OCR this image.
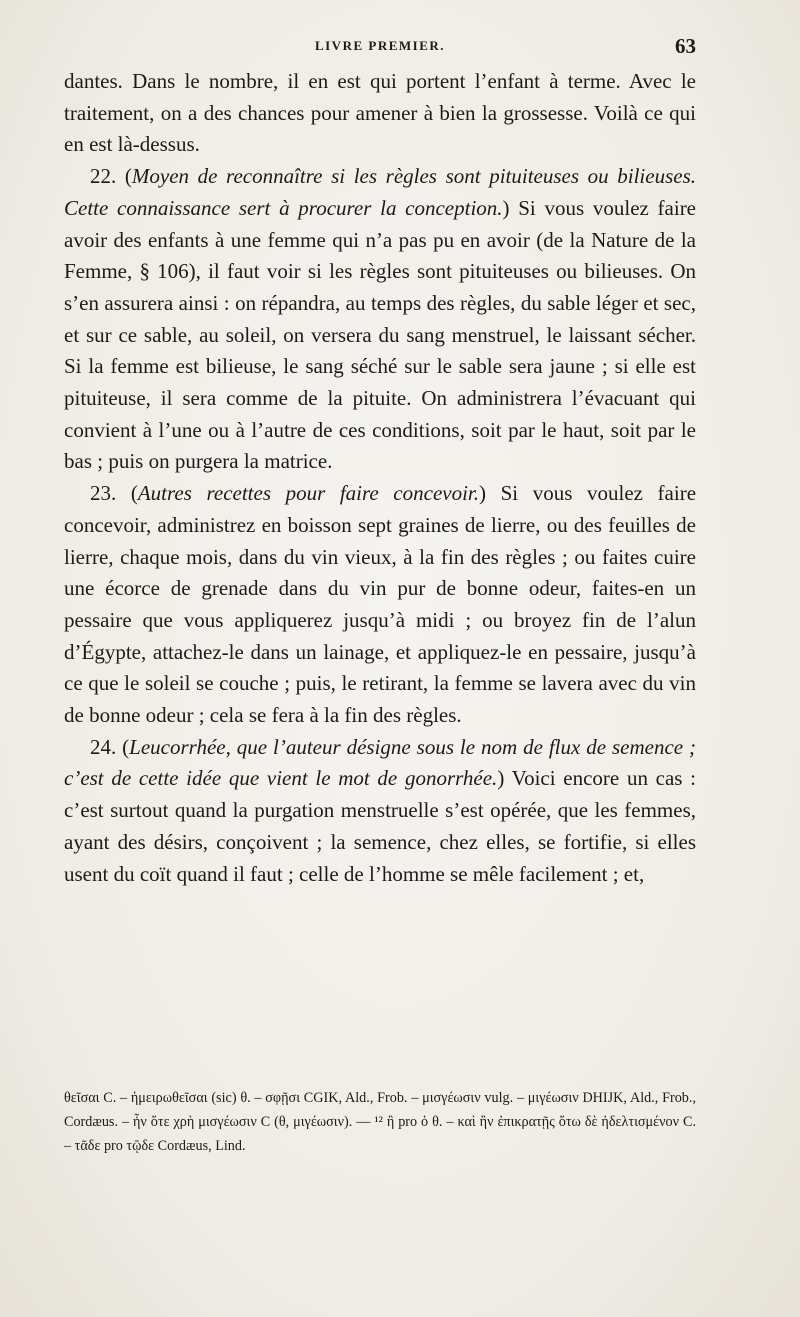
LIVRE PREMIER.	63

dantes. Dans le nombre, il en est qui portent l’enfant à terme. Avec le traitement, on a des chances pour amener à bien la grossesse. Voilà ce qui en est là-dessus.

22. (Moyen de reconnaître si les règles sont pituiteuses ou bilieuses. Cette connaissance sert à procurer la conception.) Si vous voulez faire avoir des enfants à une femme qui n’a pas pu en avoir (de la Nature de la Femme, § 106), il faut voir si les règles sont pituiteuses ou bilieuses. On s’en assurera ainsi : on répandra, au temps des règles, du sable léger et sec, et sur ce sable, au soleil, on versera du sang menstruel, le laissant sécher. Si la femme est bilieuse, le sang séché sur le sable sera jaune ; si elle est pituiteuse, il sera comme de la pituite. On administrera l’évacuant qui convient à l’une ou à l’autre de ces conditions, soit par le haut, soit par le bas ; puis on purgera la matrice.

23. (Autres recettes pour faire concevoir.) Si vous voulez faire concevoir, administrez en boisson sept graines de lierre, ou des feuilles de lierre, chaque mois, dans du vin vieux, à la fin des règles ; ou faites cuire une écorce de grenade dans du vin pur de bonne odeur, faites-en un pessaire que vous appliquerez jusqu’à midi ; ou broyez fin de l’alun d’Égypte, attachez-le dans un lainage, et appliquez-le en pessaire, jusqu’à ce que le soleil se couche ; puis, le retirant, la femme se lavera avec du vin de bonne odeur ; cela se fera à la fin des règles.

24. (Leucorrhée, que l’auteur désigne sous le nom de flux de semence ; c’est de cette idée que vient le mot de gonorrhée.) Voici encore un cas : c’est surtout quand la purgation menstruelle s’est opérée, que les femmes, ayant des désirs, conçoivent ; la semence, chez elles, se fortifie, si elles usent du coït quand il faut ; celle de l’homme se mêle facilement ; et,

θεῖσαι C. – ἡμειρωθεῖσαι (sic) θ. – σφῇσι CGIK, Ald., Frob. – μισγέωσιν vulg. – μιγέωσιν DHIJK, Ald., Frob., Cordæus. – ἦν ὅτε χρὴ μισγέωσιν C (θ, μιγέωσιν). — ¹² ἢ pro ὁ θ. – καὶ ἢν ἐπικρατῇς ὅτω δὲ ἠδελτισμένον C. – τᾶδε pro τῷδε Cordæus, Lind.
